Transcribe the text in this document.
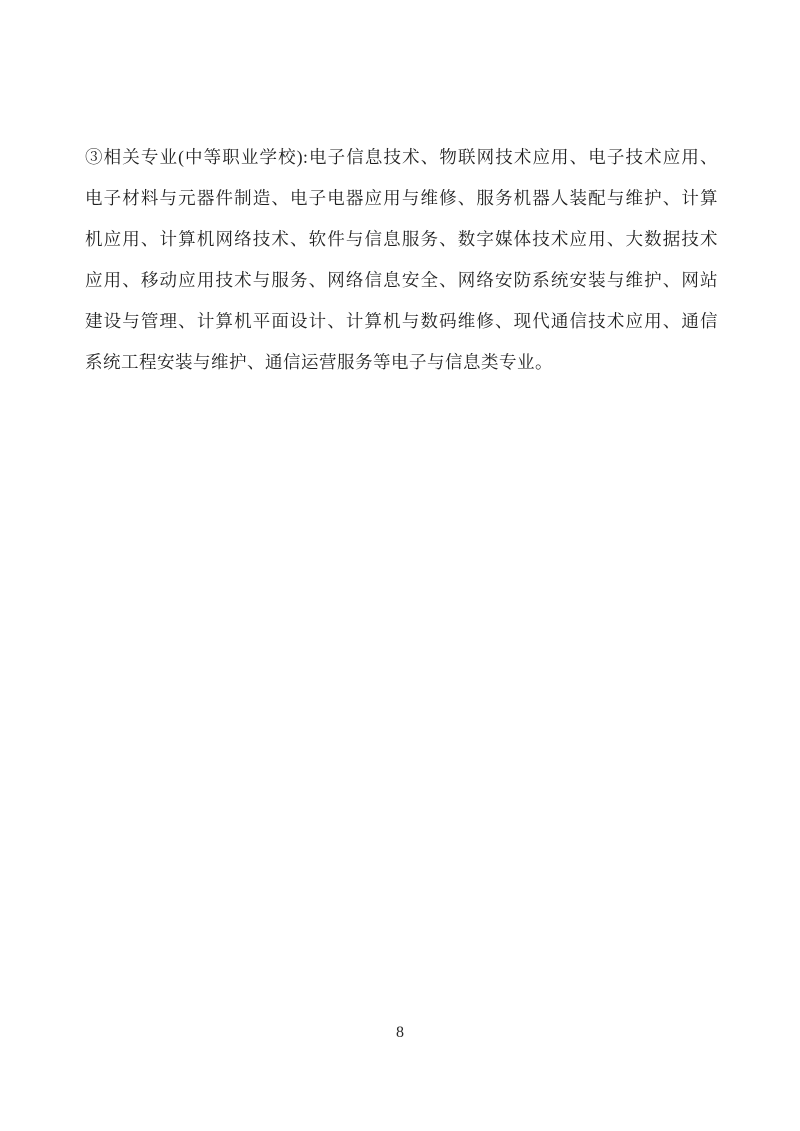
③相关专业(中等职业学校):电子信息技术、物联网技术应用、电子技术应用、
电子材料与元器件制造、电子电器应用与维修、服务机器人装配与维护、计算
机应用、计算机网络技术、软件与信息服务、数字媒体技术应用、大数据技术
应用、移动应用技术与服务、网络信息安全、网络安防系统安装与维护、网站
建设与管理、计算机平面设计、计算机与数码维修、现代通信技术应用、通信
系统工程安装与维护、通信运营服务等电子与信息类专业。
8
